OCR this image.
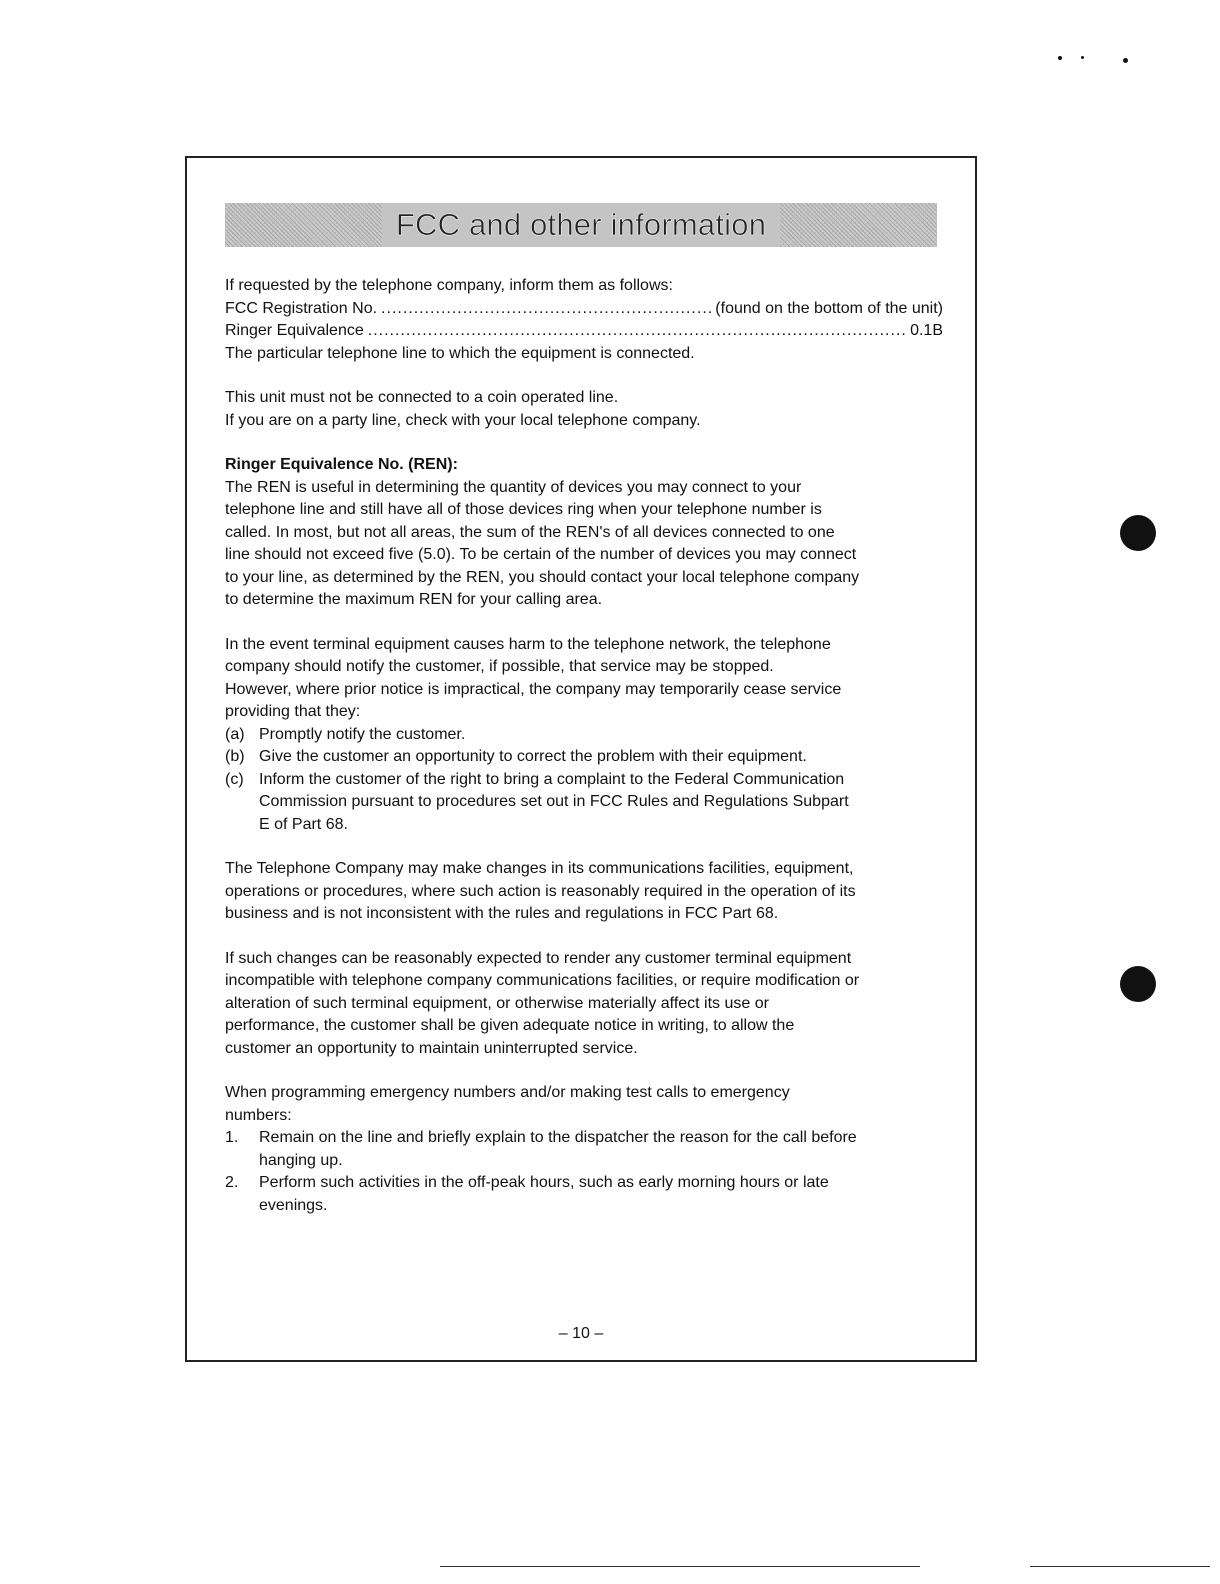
FCC and other information

If requested by the telephone company, inform them as follows:

FCC Registration No. .....	(found on the bottom of the unit)
Ringer Equivalence .....	0.1B

The particular telephone line to which the equipment is connected.

This unit must not be connected to a coin operated line.

If you are on a party line, check with your local telephone company.

Ringer Equivalence No. (REN):

The REN is useful in determining the quantity of devices you may connect to your

telephone line and still have all of those devices ring when your telephone number is

called. In most, but not all areas, the sum of the REN's of all devices connected to one

line should not exceed five (5.0). To be certain of the number of devices you may connect

to your line, as determined by the REN, you should contact your local telephone company

to determine the maximum REN for your calling area.

In the event terminal equipment causes harm to the telephone network, the telephone

company should notify the customer, if possible, that service may be stopped.

However, where prior notice is impractical, the company may temporarily cease service

providing that they:

(a) Promptly notify the customer.

(b) Give the customer an opportunity to correct the problem with their equipment.

(c) Inform the customer of the right to bring a complaint to the Federal Communication

Commission pursuant to procedures set out in FCC Rules and Regulations Subpart

E of Part 68.

The Telephone Company may make changes in its communications facilities, equipment,

operations or procedures, where such action is reasonably required in the operation of its

business and is not inconsistent with the rules and regulations in FCC Part 68.

If such changes can be reasonably expected to render any customer terminal equipment

incompatible with telephone company communications facilities, or require modification or

alteration of such terminal equipment, or otherwise materially affect its use or

performance, the customer shall be given adequate notice in writing, to allow the

customer an opportunity to maintain uninterrupted service.

When programming emergency numbers and/or making test calls to emergency

numbers:

1.	Remain on the line and briefly explain to the dispatcher the reason for the call before

hanging up.

2.	Perform such activities in the off-peak hours, such as early morning hours or late

evenings.

– 10 –
